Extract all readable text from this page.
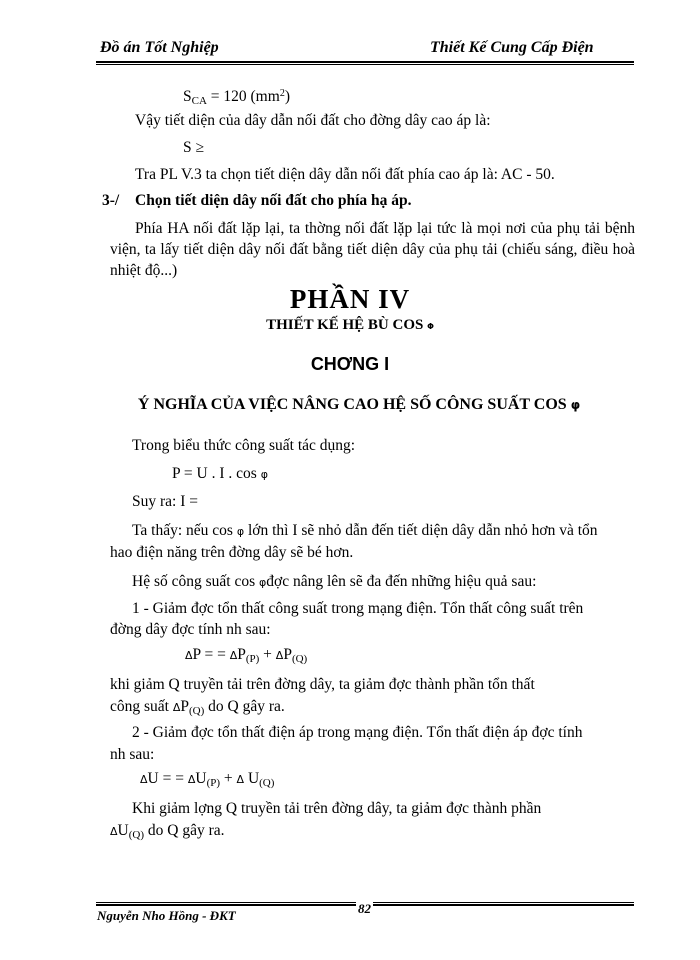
Đồ án Tốt Nghiệp	Thiết Kế Cung Cấp Điện
$S_{CA} = 120$ $(mm^2)$
Vậy tiết diện của dây dẫn nối đất cho đờng dây cao áp là:
S ≥
Tra PL V.3 ta chọn tiết diện dây dẫn nối đất phía cao áp là: AC - 50.
3-/ Chọn tiết diện dây nối đất cho phía hạ áp.
Phía HA nối đất lặp lại, ta thờng nối đất lặp lại tức là mọi nơi của phụ tải bệnh viện, ta lấy tiết diện dây nối đất bằng tiết diện dây của phụ tải (chiếu sáng, điều hoà nhiệt độ...)
PHẦN IV
THIẾT KẾ HỆ BÙ COS φ
CHƠNG I
Ý NGHĨA CỦA VIỆC NÂNG CAO HỆ SỐ CÔNG SUẤT COS φ
Trong biểu thức công suất tác dụng:
P = U . I . cos φ
Suy ra: I =
Ta thấy: nếu cos φ lớn thì I sẽ nhỏ dẫn đến tiết diện dây dẫn nhỏ hơn và tổn
hao điện năng trên đờng dây sẽ bé hơn.
Hệ số công suất cos φđợc nâng lên sẽ đa đến những hiệu quả sau:
1 - Giảm đợc tổn thất công suất trong mạng điện. Tổn thất công suất trên
đờng dây đợc tính nh sau:
ΔP = = $\Delta P_{(P)} + \Delta P_{(Q)}$
khi giảm Q truyền tải trên đờng dây, ta giảm đợc thành phần tổn thất
công suất $\Delta P_{(Q)}$ do Q gây ra.
2 - Giảm đợc tổn thất điện áp trong mạng điện. Tổn thất điện áp đợc tính
nh sau:
ΔU = = $\Delta U_{(P)} + \Delta$ $U_{(Q)}$
Khi giảm lợng Q truyền tải trên đờng dây, ta giảm đợc thành phần
$\Delta U_{(Q)}$ do Q gây ra.
Nguyễn Nho Hồng - ĐKT	82
